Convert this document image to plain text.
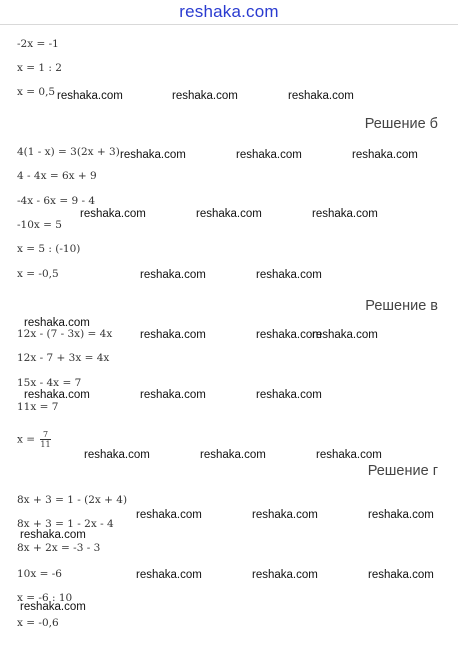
reshaka.com
-2x = -1
x = 1 : 2
x = 0,5 reshaka.com	reshaka.com	reshaka.com
Решение б
4(1 - x) = 3(2x + 3) reshaka.com	reshaka.com	reshaka.com
4 - 4x = 6x + 9
-4x - 6x = 9 - 4
reshaka.com	reshaka.com	reshaka.com
-10x = 5
x = 5 : (-10)
x = -0,5	reshaka.com	reshaka.com
Решение в
reshaka.com
12x - (7 - 3x) = 4x reshaka.com	reshaka.com
reshaka.com
12x - 7 + 3x = 4x
15x - 4x = 7
reshaka.com	reshaka.com	reshaka.com
11x = 7
$x = \frac{7}{11}$
reshaka.com	reshaka.com	reshaka.com
Решение г
8x + 3 = 1 - (2x + 4)
reshaka.com	reshaka.com	reshaka.com
8x + 3 = 1 - 2x - 4
reshaka.com
8x + 2x = -3 - 3
10x = -6	reshaka.com	reshaka.com	reshaka.com
x = -6 : 10
reshaka.com
x = -0,6
